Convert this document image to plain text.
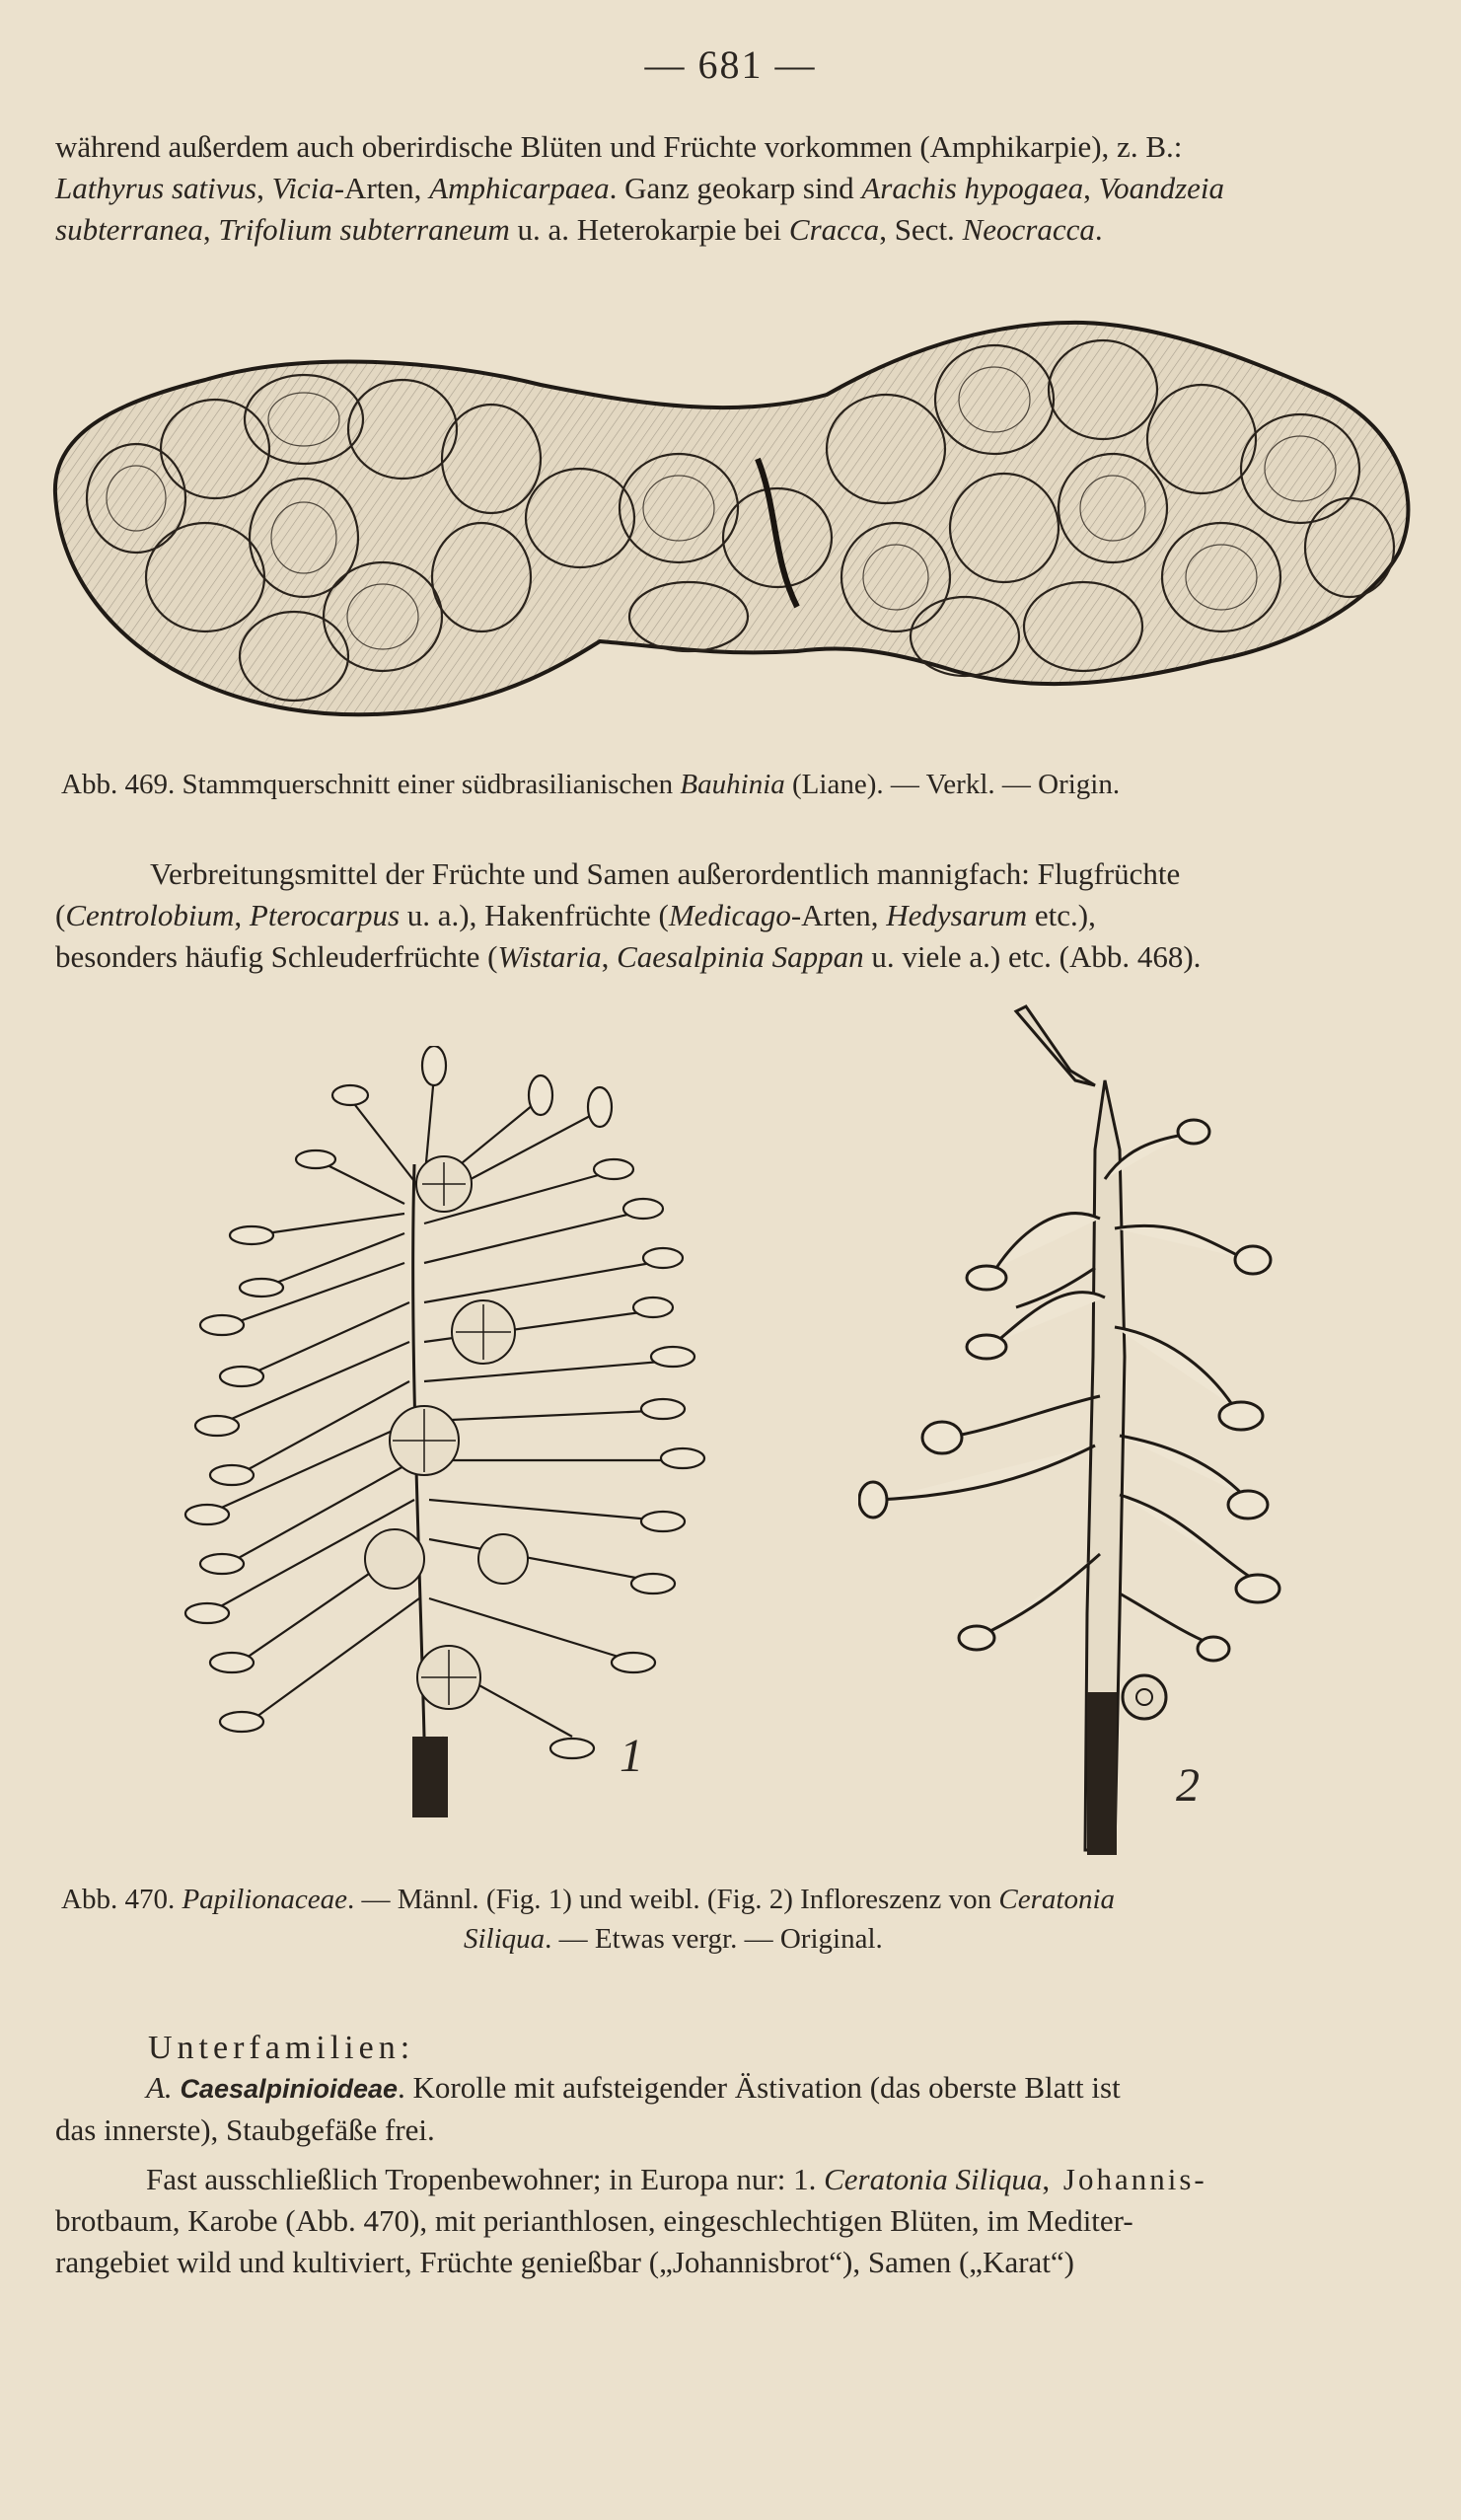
— 681 —
während außerdem auch oberirdische Blüten und Früchte vorkommen (Amphikarpie), z. B.:
Lathyrus sativus, Vicia-Arten, Amphicarpaea. Ganz geokarp sind Arachis hypogaea, Voandzeia
subterranea, Trifolium subterraneum u. a. Heterokarpie bei Cracca, Sect. Neocracca.
Abb. 469. Stammquerschnitt einer südbrasilianischen Bauhinia (Liane). — Verkl. — Origin.
Verbreitungsmittel der Früchte und Samen außerordentlich mannigfach: Flugfrüchte
(Centrolobium, Pterocarpus u. a.), Hakenfrüchte (Medicago-Arten, Hedysarum etc.),
besonders häufig Schleuderfrüchte (Wistaria, Caesalpinia Sappan u. viele a.) etc. (Abb. 468).
1
2
Abb. 470. Papilionaceae. — Männl. (Fig. 1) und weibl. (Fig. 2) Infloreszenz von Ceratonia
Siliqua. — Etwas vergr. — Original.
Unterfamilien:
A. Caesalpinioideae. Korolle mit aufsteigender Ästivation (das oberste Blatt ist
das innerste), Staubgefäße frei.
Fast ausschließlich Tropenbewohner; in Europa nur: 1. Ceratonia Siliqua, Johannis-
brotbaum, Karobe (Abb. 470), mit perianthlosen, eingeschlechtigen Blüten, im Mediter-
rangebiet wild und kultiviert, Früchte genießbar („Johannisbrot“), Samen („Karat“)
